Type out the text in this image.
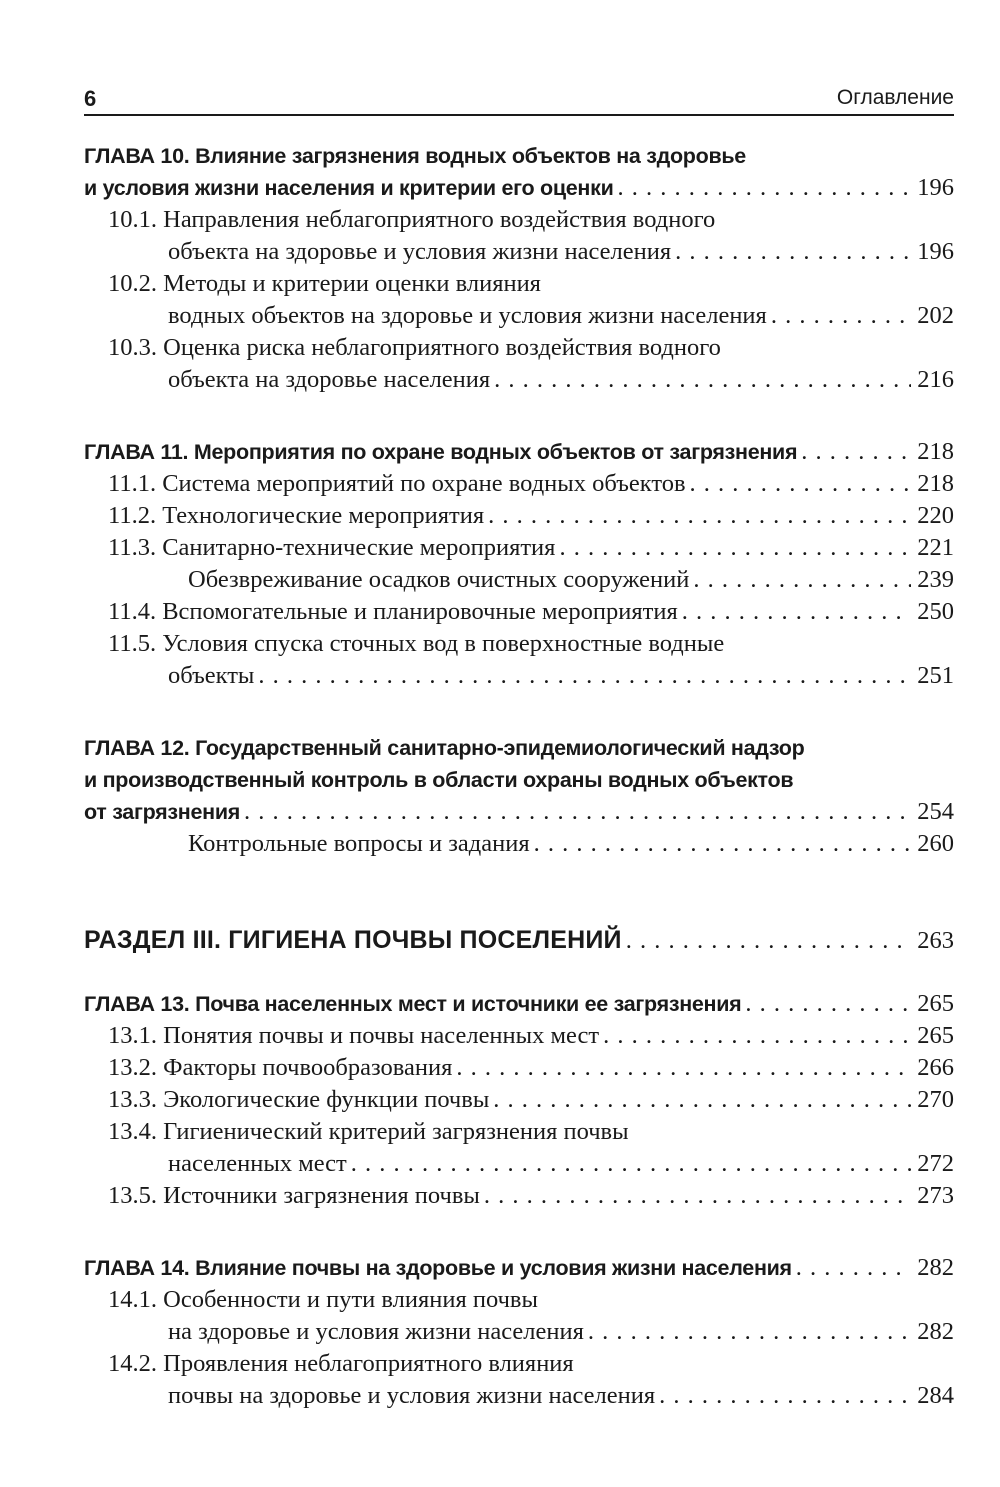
6	Оглавление
ГЛАВА 10. Влияние загрязнения водных объектов на здоровье
и условия жизни населения и критерии его оценки . . .	196
10.1. Направления неблагоприятного воздействия водного
объекта на здоровье и условия жизни населения . . .	196
10.2. Методы и критерии оценки влияния
водных объектов на здоровье и условия жизни населения . . .	202
10.3. Оценка риска неблагоприятного воздействия водного
объекта на здоровье населения . . .	216
ГЛАВА 11. Мероприятия по охране водных объектов от загрязнения . . .	218
11.1. Система мероприятий по охране водных объектов . . .	218
11.2. Технологические мероприятия . . .	220
11.3. Санитарно-технические мероприятия . . .	221
Обезвреживание осадков очистных сооружений . . .	239
11.4. Вспомогательные и планировочные мероприятия . . .	250
11.5. Условия спуска сточных вод в поверхностные водные
объекты . . .	251
ГЛАВА 12. Государственный санитарно-эпидемиологический надзор
и производственный контроль в области охраны водных объектов
от загрязнения . . .	254
Контрольные вопросы и задания . . .	260
РАЗДЕЛ III. ГИГИЕНА ПОЧВЫ ПОСЕЛЕНИЙ . . .	263
ГЛАВА 13. Почва населенных мест и источники ее загрязнения . . .	265
13.1. Понятия почвы и почвы населенных мест . . .	265
13.2. Факторы почвообразования . . .	266
13.3. Экологические функции почвы . . .	270
13.4. Гигиенический критерий загрязнения почвы
населенных мест . . .	272
13.5. Источники загрязнения почвы . . .	273
ГЛАВА 14. Влияние почвы на здоровье и условия жизни населения . . .	282
14.1. Особенности и пути влияния почвы
на здоровье и условия жизни населения . . .	282
14.2. Проявления неблагоприятного влияния
почвы на здоровье и условия жизни населения . . .	284
